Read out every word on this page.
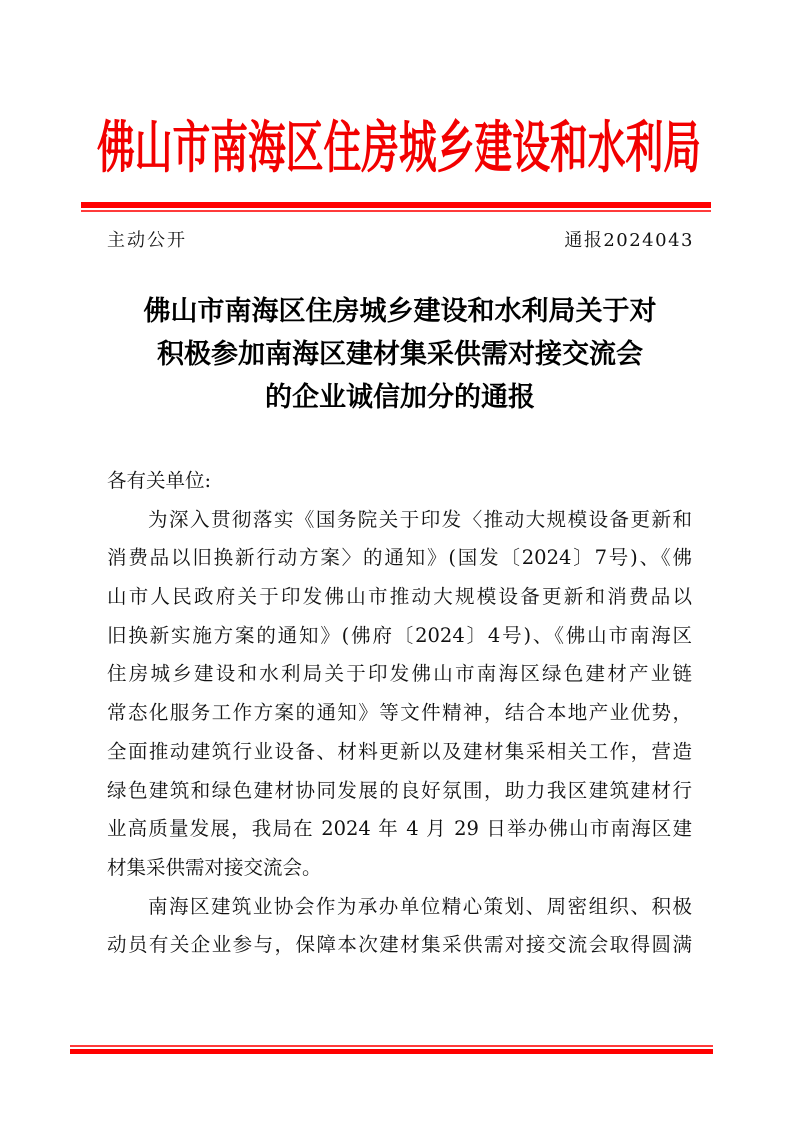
佛山市南海区住房城乡建设和水利局
主动公开	通报2024043
佛山市南海区住房城乡建设和水利局关于对
积极参加南海区建材集采供需对接交流会
的企业诚信加分的通报
各有关单位:
为深入贯彻落实《国务院关于印发〈推动大规模设备更新和
消费品以旧换新行动方案〉的通知》(国发〔2024〕7号)、《佛
山市人民政府关于印发佛山市推动大规模设备更新和消费品以
旧换新实施方案的通知》(佛府〔2024〕4号)、《佛山市南海区
住房城乡建设和水利局关于印发佛山市南海区绿色建材产业链
常态化服务工作方案的通知》等文件精神，结合本地产业优势，
全面推动建筑行业设备、材料更新以及建材集采相关工作，营造
绿色建筑和绿色建材协同发展的良好氛围，助力我区建筑建材行
业高质量发展，我局在 2024 年 4 月 29 日举办佛山市南海区建
材集采供需对接交流会。
南海区建筑业协会作为承办单位精心策划、周密组织、积极
动员有关企业参与，保障本次建材集采供需对接交流会取得圆满
